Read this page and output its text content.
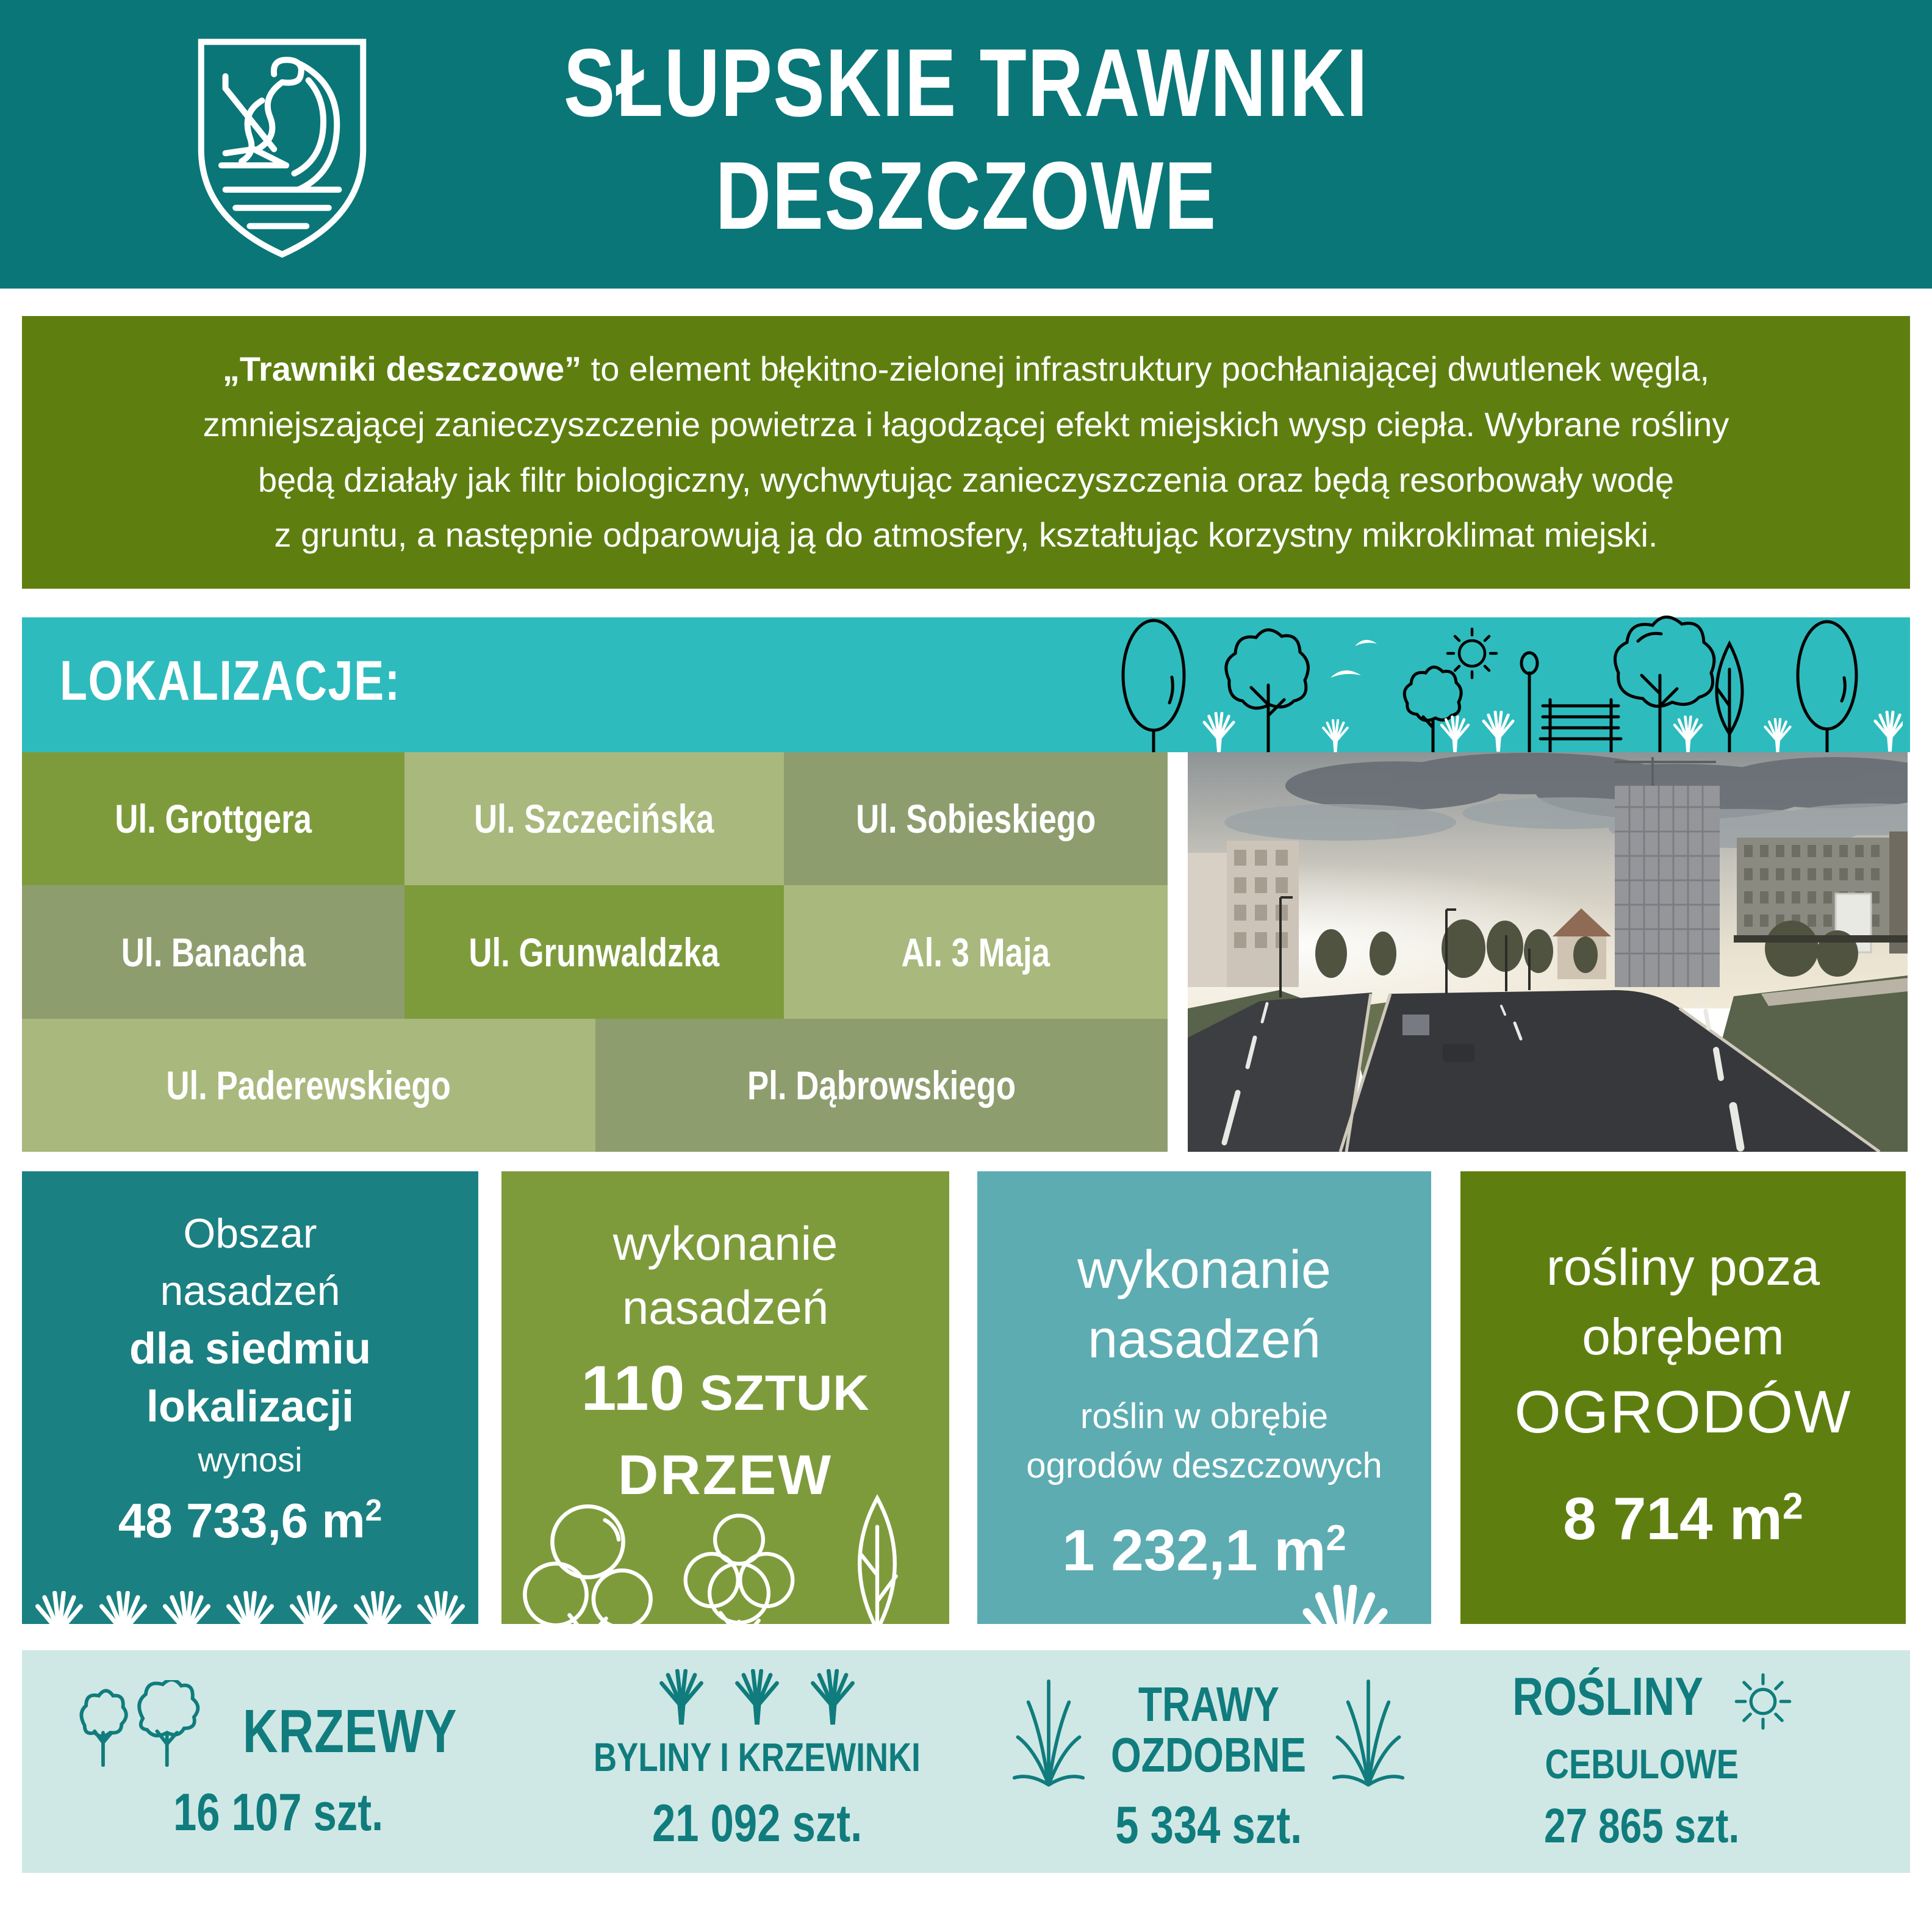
SŁUPSKIE TRAWNIKI
DESZCZOWE
„Trawniki deszczowe” to element błękitno-zielonej infrastruktury pochłaniającej dwutlenek węgla,
zmniejszającej zanieczyszczenie powietrza i łagodzącej efekt miejskich wysp ciepła. Wybrane rośliny
będą działały jak filtr biologiczny, wychwytując zanieczyszczenia oraz będą resorbowały wodę
z gruntu, a następnie odparowują ją do atmosfery, kształtując korzystny mikroklimat miejski.
LOKALIZACJE:
Ul. Grottgera	Ul. Szczecińska	Ul. Sobieskiego
Ul. Banacha	Ul. Grunwaldzka	Al. 3 Maja
Ul. Paderewskiego	Pl. Dąbrowskiego
Obszar
nasadzeń
dla siedmiu
lokalizacji
wynosi
48 733,6 $m^2$
wykonanie
nasadzeń
110 SZTUK
DRZEW
wykonanie
nasadzeń
roślin w obrębie
ogrodów deszczowych
1 232,1 $m^2$
rośliny poza
obrębem
OGRODÓW
8 714 $m^2$
KRZEWY
16 107 szt.
BYLINY I KRZEWINKI
21 092 szt.
TRAWY
OZDOBNE
5 334 szt.
ROŚLINY
CEBULOWE
27 865 szt.
